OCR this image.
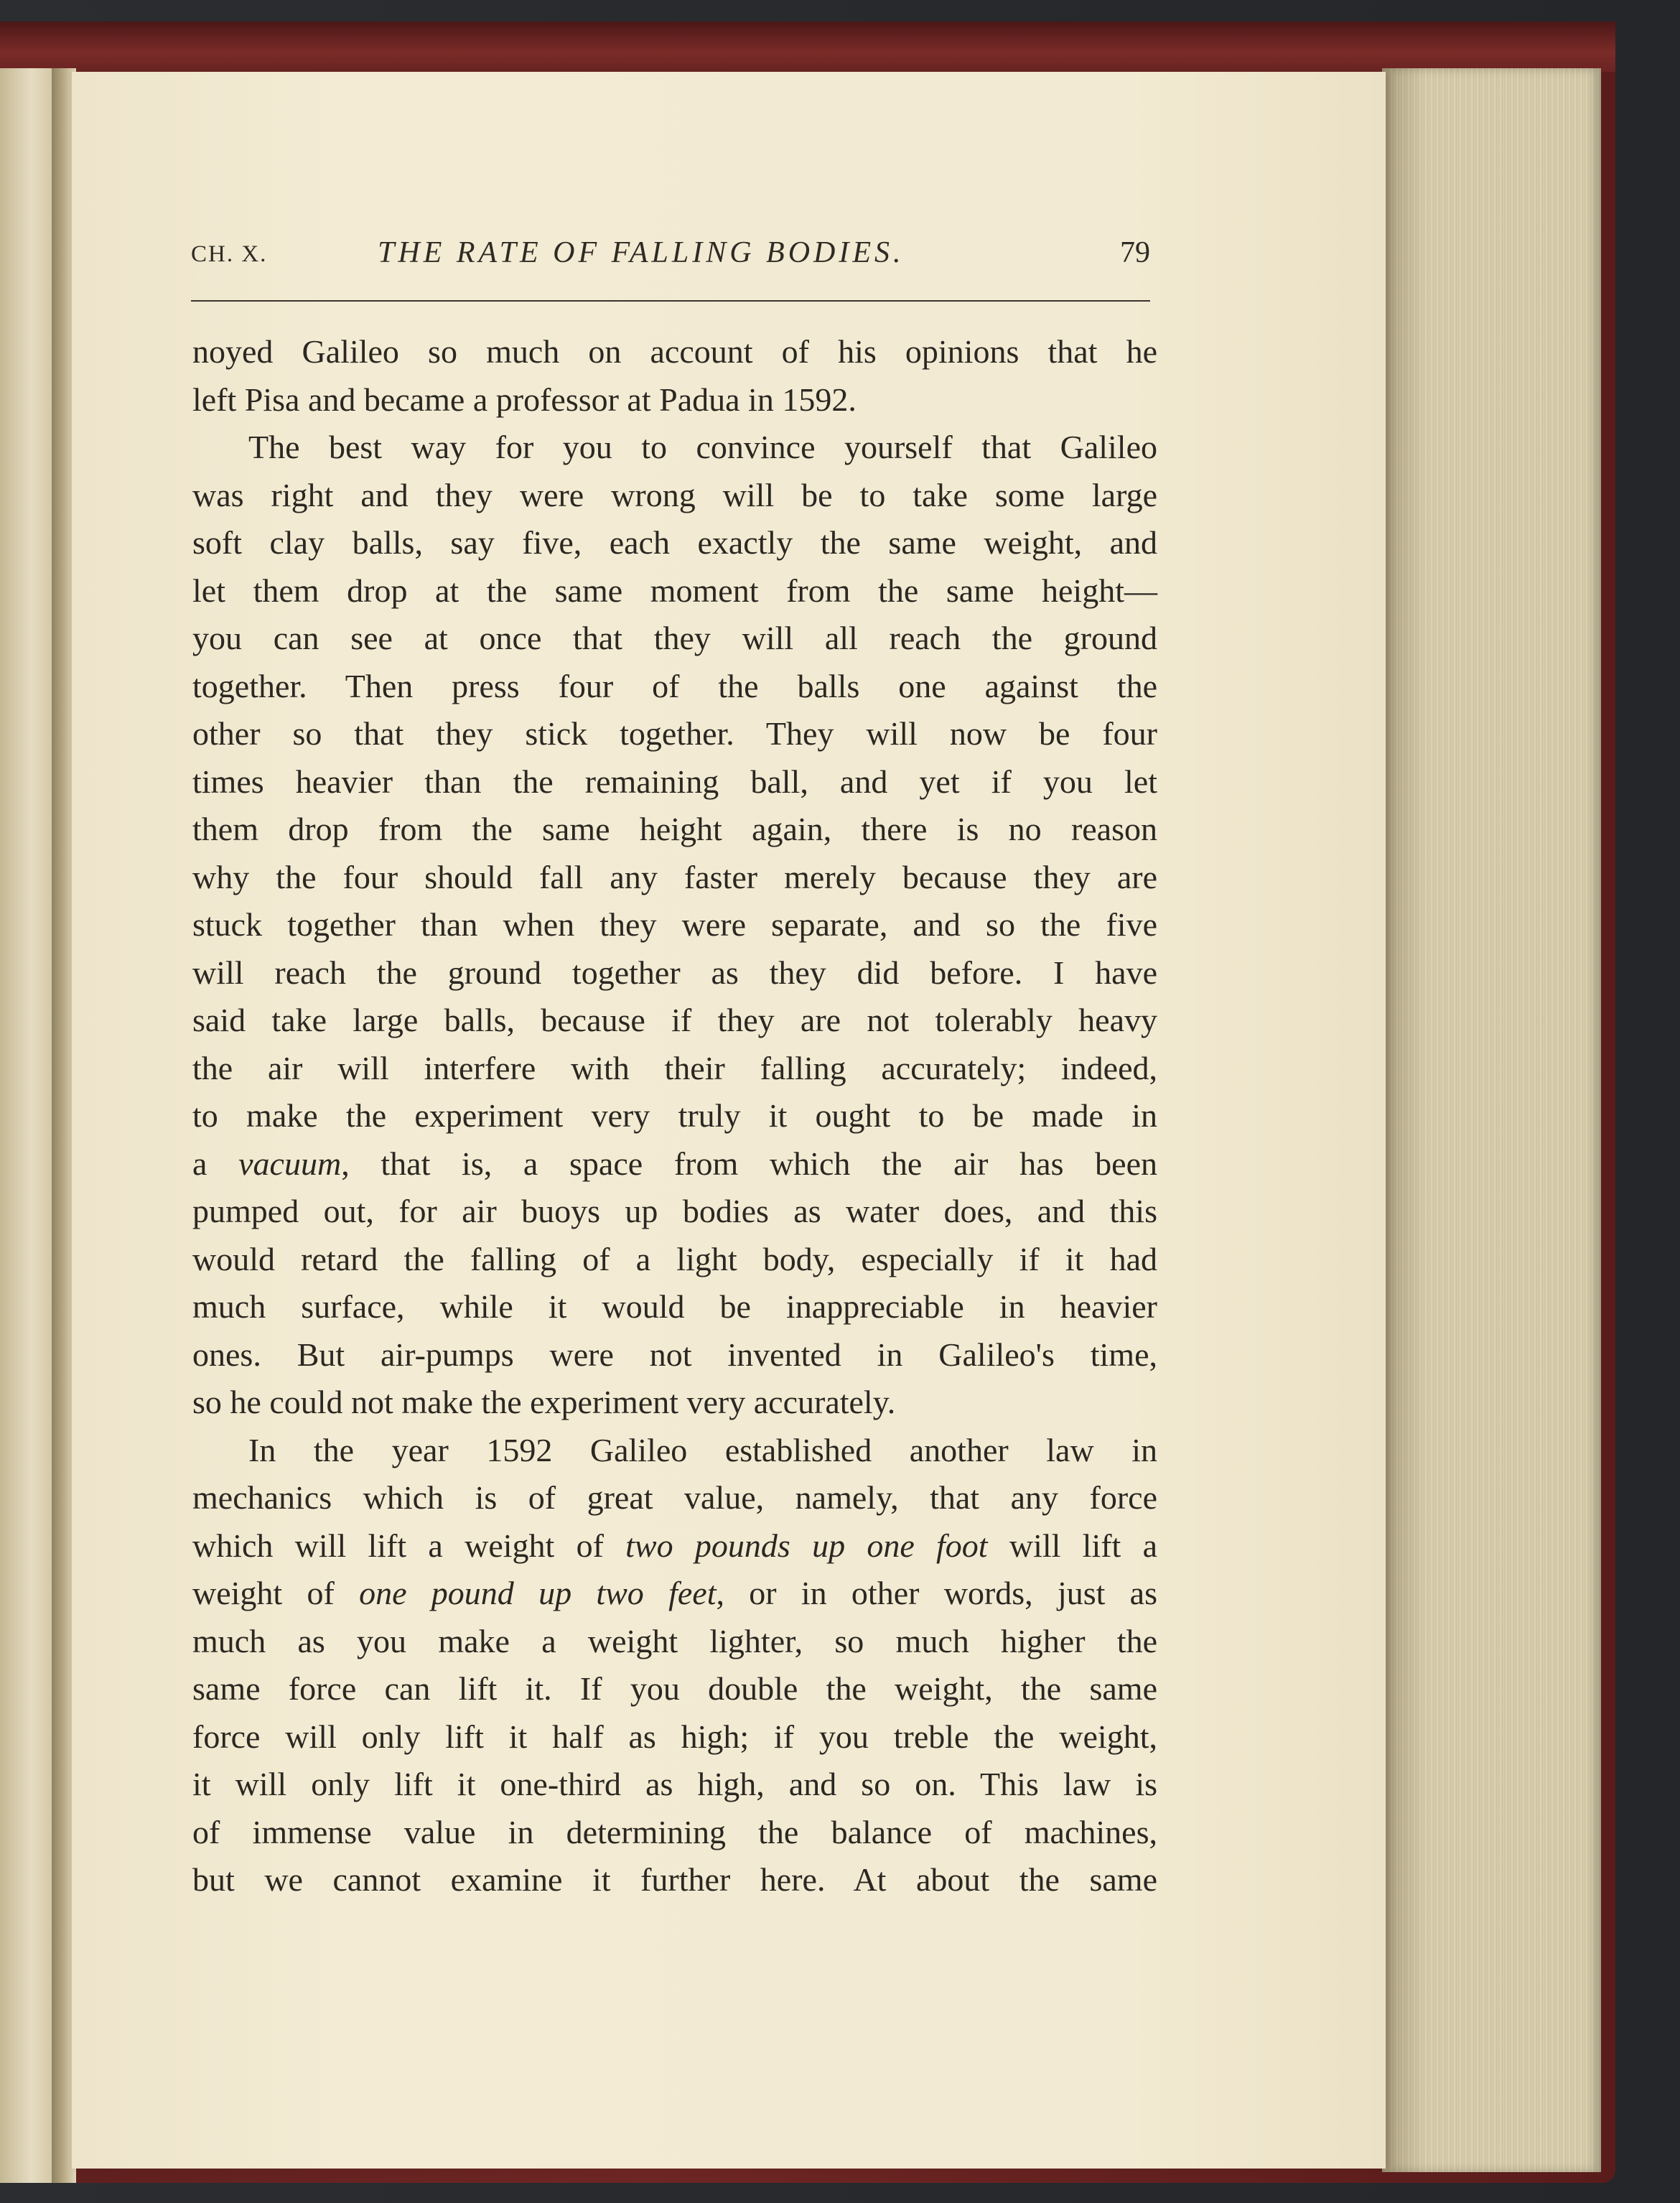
CH. X.	THE RATE OF FALLING BODIES.	79
noyed Galileo so much on account of his opinions that he
left Pisa and became a professor at Padua in 1592.
The best way for you to convince yourself that Galileo
was right and they were wrong will be to take some large
soft clay balls, say five, each exactly the same weight, and
let them drop at the same moment from the same height—
you can see at once that they will all reach the ground
together. Then press four of the balls one against the
other so that they stick together. They will now be four
times heavier than the remaining ball, and yet if you let
them drop from the same height again, there is no reason
why the four should fall any faster merely because they are
stuck together than when they were separate, and so the five
will reach the ground together as they did before. I have
said take large balls, because if they are not tolerably heavy
the air will interfere with their falling accurately; indeed,
to make the experiment very truly it ought to be made in
a vacuum, that is, a space from which the air has been
pumped out, for air buoys up bodies as water does, and this
would retard the falling of a light body, especially if it had
much surface, while it would be inappreciable in heavier
ones. But air-pumps were not invented in Galileo's time,
so he could not make the experiment very accurately.
In the year 1592 Galileo established another law in
mechanics which is of great value, namely, that any force
which will lift a weight of two pounds up one foot will lift a
weight of one pound up two feet, or in other words, just as
much as you make a weight lighter, so much higher the
same force can lift it. If you double the weight, the same
force will only lift it half as high; if you treble the weight,
it will only lift it one-third as high, and so on. This law is
of immense value in determining the balance of machines,
but we cannot examine it further here. At about the same
